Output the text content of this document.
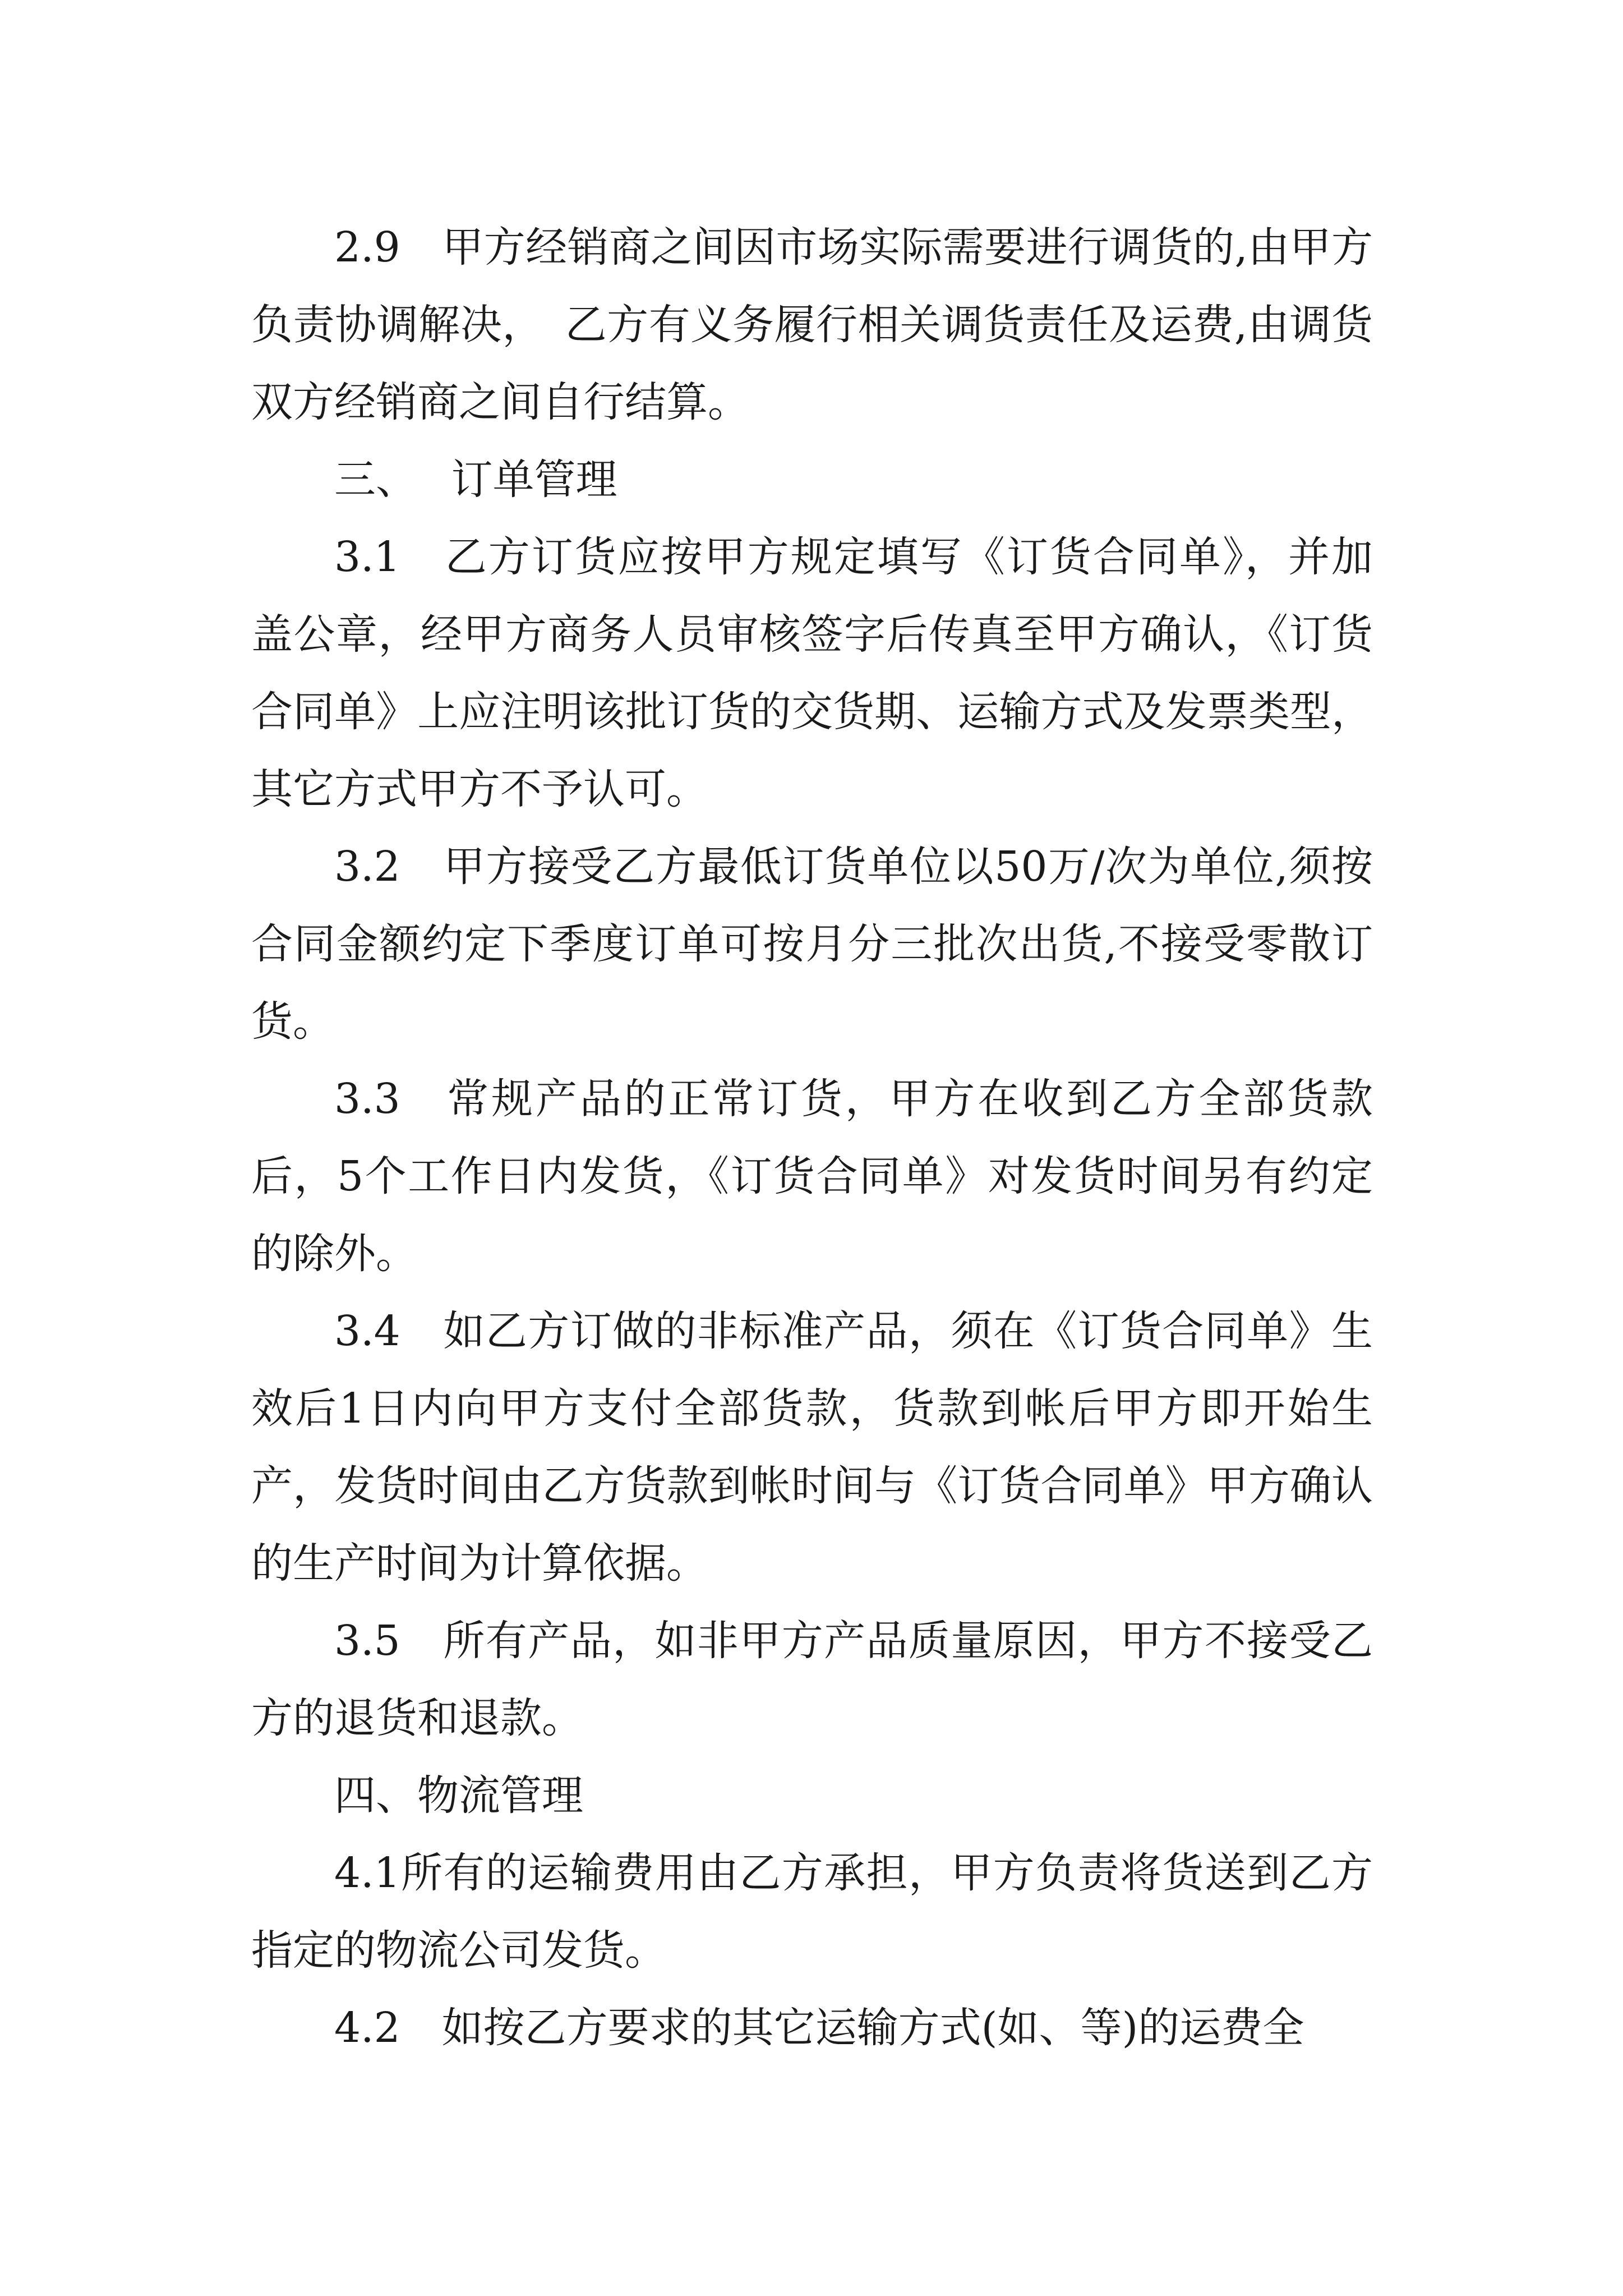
2.9　甲方经销商之间因市场实际需要进行调货的,由甲方负责协调解决，　乙方有义务履行相关调货责任及运费,由调货双方经销商之间自行结算。

三、　 订单管理

3.1　乙方订货应按甲方规定填写《订货合同单》，并加盖公章，经甲方商务人员审核签字后传真至甲方确认，《订货合同单》上应注明该批订货的交货期、运输方式及发票类型，其它方式甲方不予认可。

3.2　甲方接受乙方最低订货单位以50万/次为单位,须按合同金额约定下季度订单可按月分三批次出货,不接受零散订货。

3.3　常规产品的正常订货，甲方在收到乙方全部货款后，5个工作日内发货，《订货合同单》对发货时间另有约定的除外。

3.4　如乙方订做的非标准产品，须在《订货合同单》生效后1日内向甲方支付全部货款，货款到帐后甲方即开始生产，发货时间由乙方货款到帐时间与《订货合同单》甲方确认的生产时间为计算依据。

3.5　所有产品，如非甲方产品质量原因，甲方不接受乙方的退货和退款。

四、物流管理

4.1所有的运输费用由乙方承担，甲方负责将货送到乙方指定的物流公司发货。

4.2　如按乙方要求的其它运输方式(如、等)的运费全
